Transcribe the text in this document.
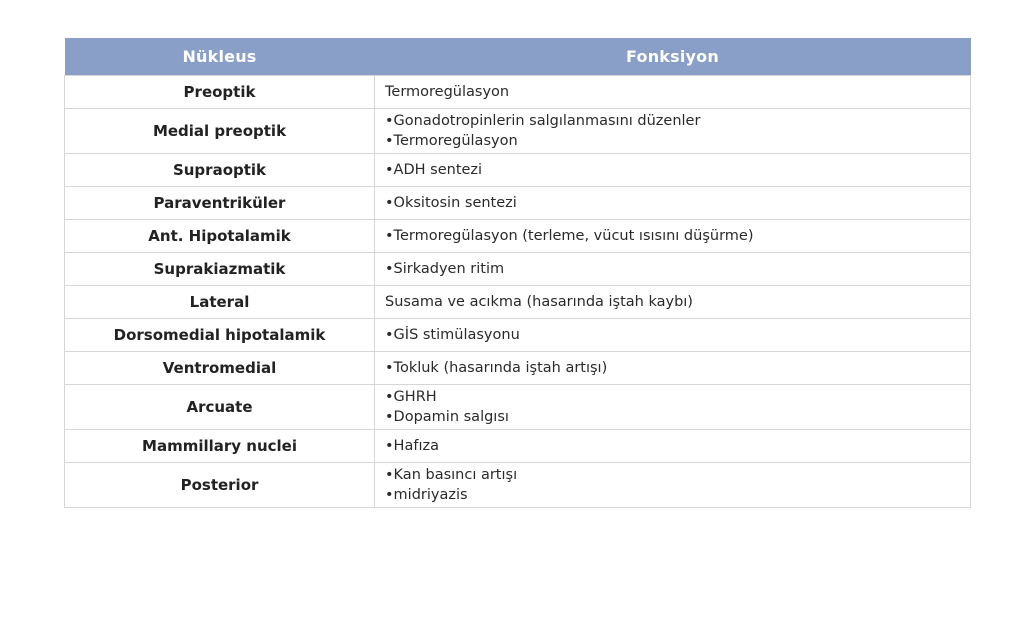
Nükleus	Fonksiyon
Preoptik	Termoregülasyon

Medial preoptik	•Gonadotropinlerin salgılanmasını düzenler
•Termoregülasyon

Supraoptik	•ADH sentezi

Paraventriküler	•Oksitosin sentezi

Ant. Hipotalamik	•Termoregülasyon (terleme, vücut ısısını düşürme)

Suprakiazmatik	•Sirkadyen ritim

Lateral	Susama ve acıkma (hasarında iştah kaybı)

Dorsomedial hipotalamik	•GİS stimülasyonu

Ventromedial	•Tokluk (hasarında iştah artışı)

Arcuate	•GHRH
•Dopamin salgısı

Mammillary nuclei	•Hafıza

Posterior	•Kan basıncı artışı
•midriyazis
